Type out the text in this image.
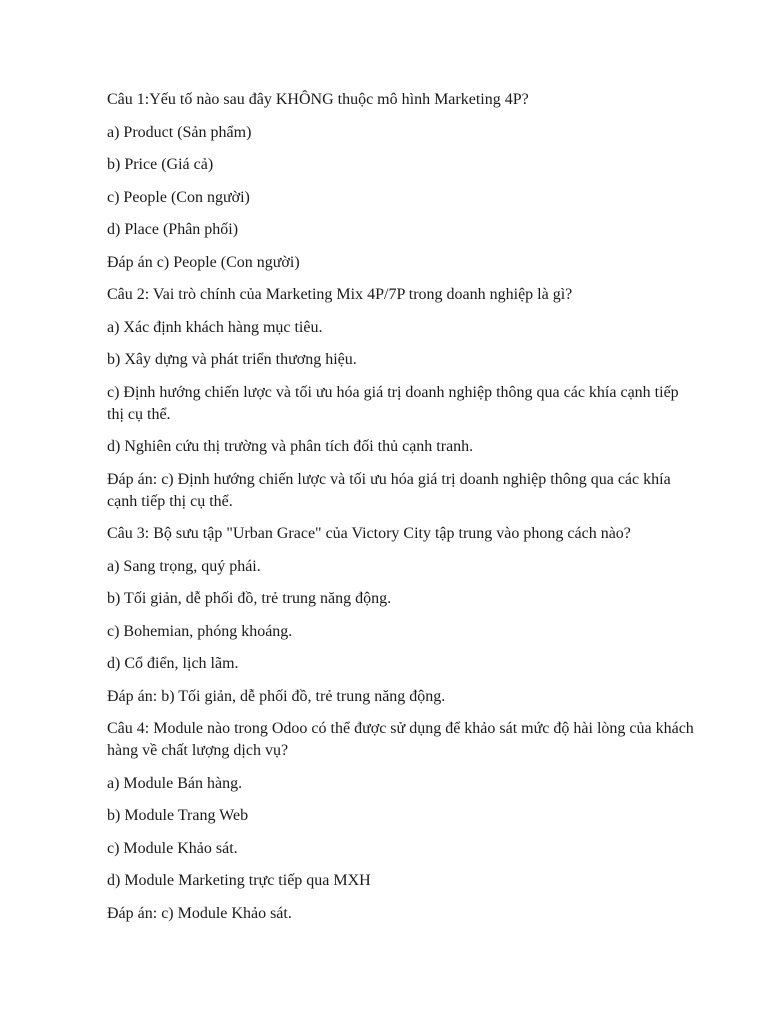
Câu 1:Yếu tố nào sau đây KHÔNG thuộc mô hình Marketing 4P?

a) Product (Sản phẩm)

b) Price (Giá cả)

c) People (Con người)

d) Place (Phân phối)

Đáp án c) People (Con người)

Câu 2: Vai trò chính của Marketing Mix 4P/7P trong doanh nghiệp là gì?

a) Xác định khách hàng mục tiêu.

b) Xây dựng và phát triển thương hiệu.

c) Định hướng chiến lược và tối ưu hóa giá trị doanh nghiệp thông qua các khía cạnh tiếp thị cụ thể.

d) Nghiên cứu thị trường và phân tích đối thủ cạnh tranh.

Đáp án: c) Định hướng chiến lược và tối ưu hóa giá trị doanh nghiệp thông qua các khía cạnh tiếp thị cụ thể.

Câu 3: Bộ sưu tập "Urban Grace" của Victory City tập trung vào phong cách nào?

a) Sang trọng, quý phái.

b) Tối giản, dễ phối đồ, trẻ trung năng động.

c) Bohemian, phóng khoáng.

d) Cổ điển, lịch lãm.

Đáp án: b) Tối giản, dễ phối đồ, trẻ trung năng động.

Câu 4: Module nào trong Odoo có thể được sử dụng để khảo sát mức độ hài lòng của khách hàng về chất lượng dịch vụ?

a) Module Bán hàng.

b) Module Trang Web

c) Module Khảo sát.

d) Module Marketing trực tiếp qua MXH

Đáp án: c) Module Khảo sát.
